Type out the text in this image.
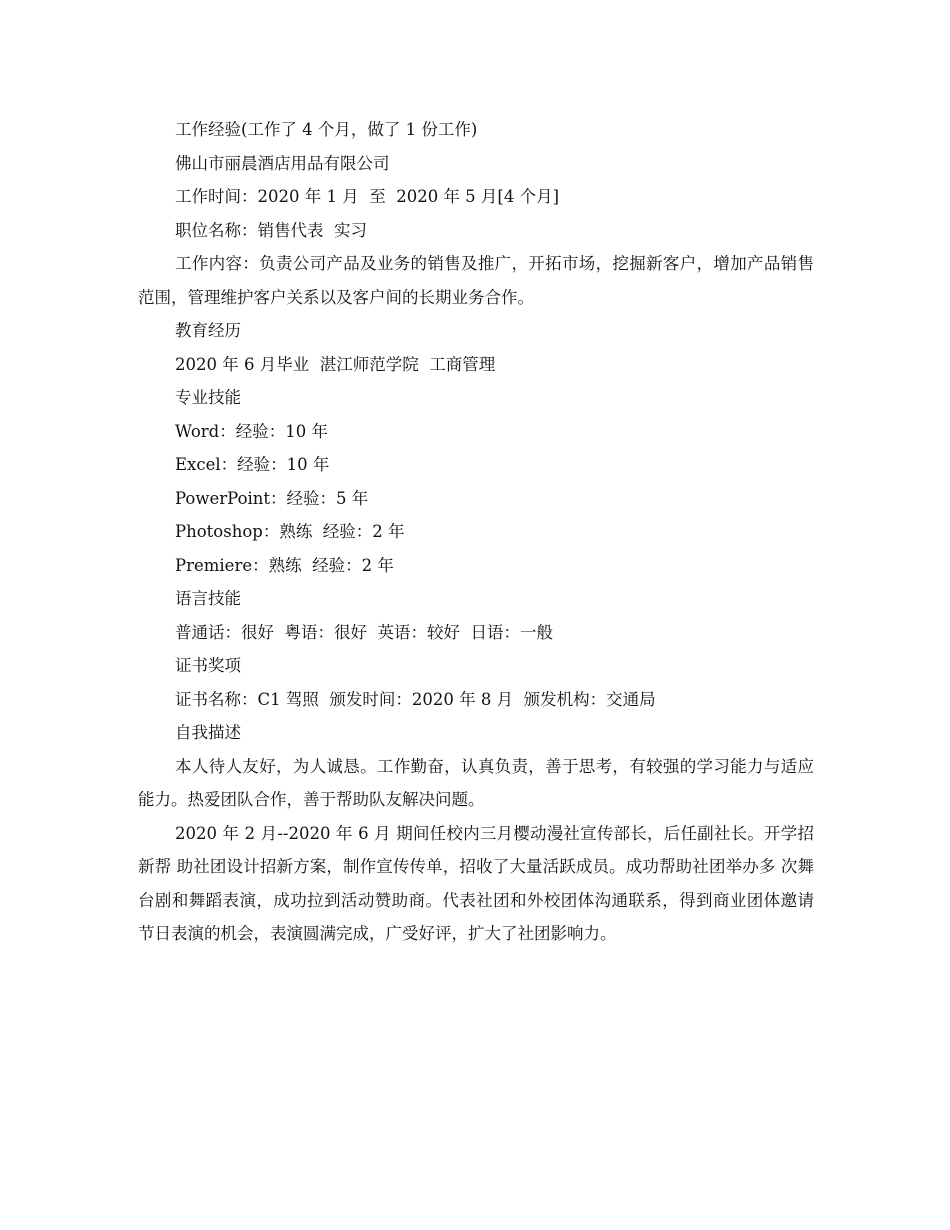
工作经验(工作了 4 个月，做了 1 份工作)
佛山市丽晨酒店用品有限公司
工作时间：2020 年 1 月  至  2020 年 5 月[4 个月]
职位名称：销售代表  实习

工作内容：负责公司产品及业务的销售及推广，开拓市场，挖掘新客户，增加产品销售范围，管理维护客户关系以及客户间的长期业务合作。

教育经历
2020 年 6 月毕业  湛江师范学院  工商管理
专业技能
Word：经验：10 年
Excel：经验：10 年
PowerPoint：经验：5 年
Photoshop：熟练  经验：2 年
Premiere：熟练  经验：2 年
语言技能
普通话：很好  粤语：很好  英语：较好  日语：一般
证书奖项
证书名称：C1 驾照  颁发时间：2020 年 8 月  颁发机构：交通局
自我描述

本人待人友好，为人诚恳。工作勤奋，认真负责，善于思考，有较强的学习能力与适应能力。热爱团队合作，善于帮助队友解决问题。

2020 年 2 月--2020 年 6 月 期间任校内三月樱动漫社宣传部长，后任副社长。开学招新帮 助社团设计招新方案，制作宣传传单，招收了大量活跃成员。成功帮助社团举办多 次舞台剧和舞蹈表演，成功拉到活动赞助商。代表社团和外校团体沟通联系，得到商业团体邀请节日表演的机会，表演圆满完成，广受好评，扩大了社团影响力。
